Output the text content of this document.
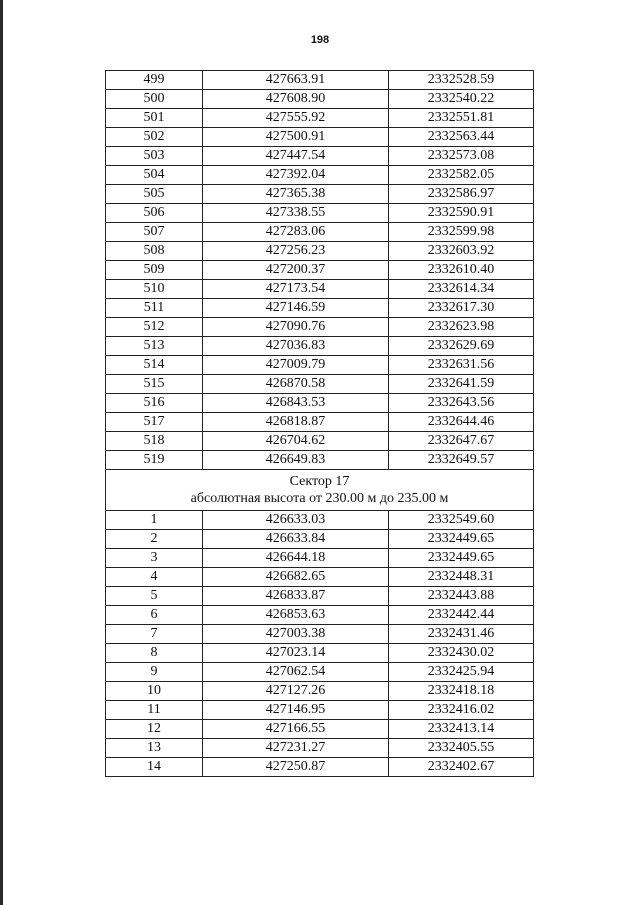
198
499	427663.91	2332528.59
500	427608.90	2332540.22
501	427555.92	2332551.81
502	427500.91	2332563.44
503	427447.54	2332573.08
504	427392.04	2332582.05
505	427365.38	2332586.97
506	427338.55	2332590.91
507	427283.06	2332599.98
508	427256.23	2332603.92
509	427200.37	2332610.40
510	427173.54	2332614.34
511	427146.59	2332617.30
512	427090.76	2332623.98
513	427036.83	2332629.69
514	427009.79	2332631.56
515	426870.58	2332641.59
516	426843.53	2332643.56
517	426818.87	2332644.46
518	426704.62	2332647.67
519	426649.83	2332649.57

Сектор 17
абсолютная высота от 230.00 м до 235.00 м		

1	426633.03	2332549.60
2	426633.84	2332449.65
3	426644.18	2332449.65
4	426682.65	2332448.31
5	426833.87	2332443.88
6	426853.63	2332442.44
7	427003.38	2332431.46
8	427023.14	2332430.02
9	427062.54	2332425.94
10	427127.26	2332418.18
11	427146.95	2332416.02
12	427166.55	2332413.14
13	427231.27	2332405.55
14	427250.87	2332402.67
